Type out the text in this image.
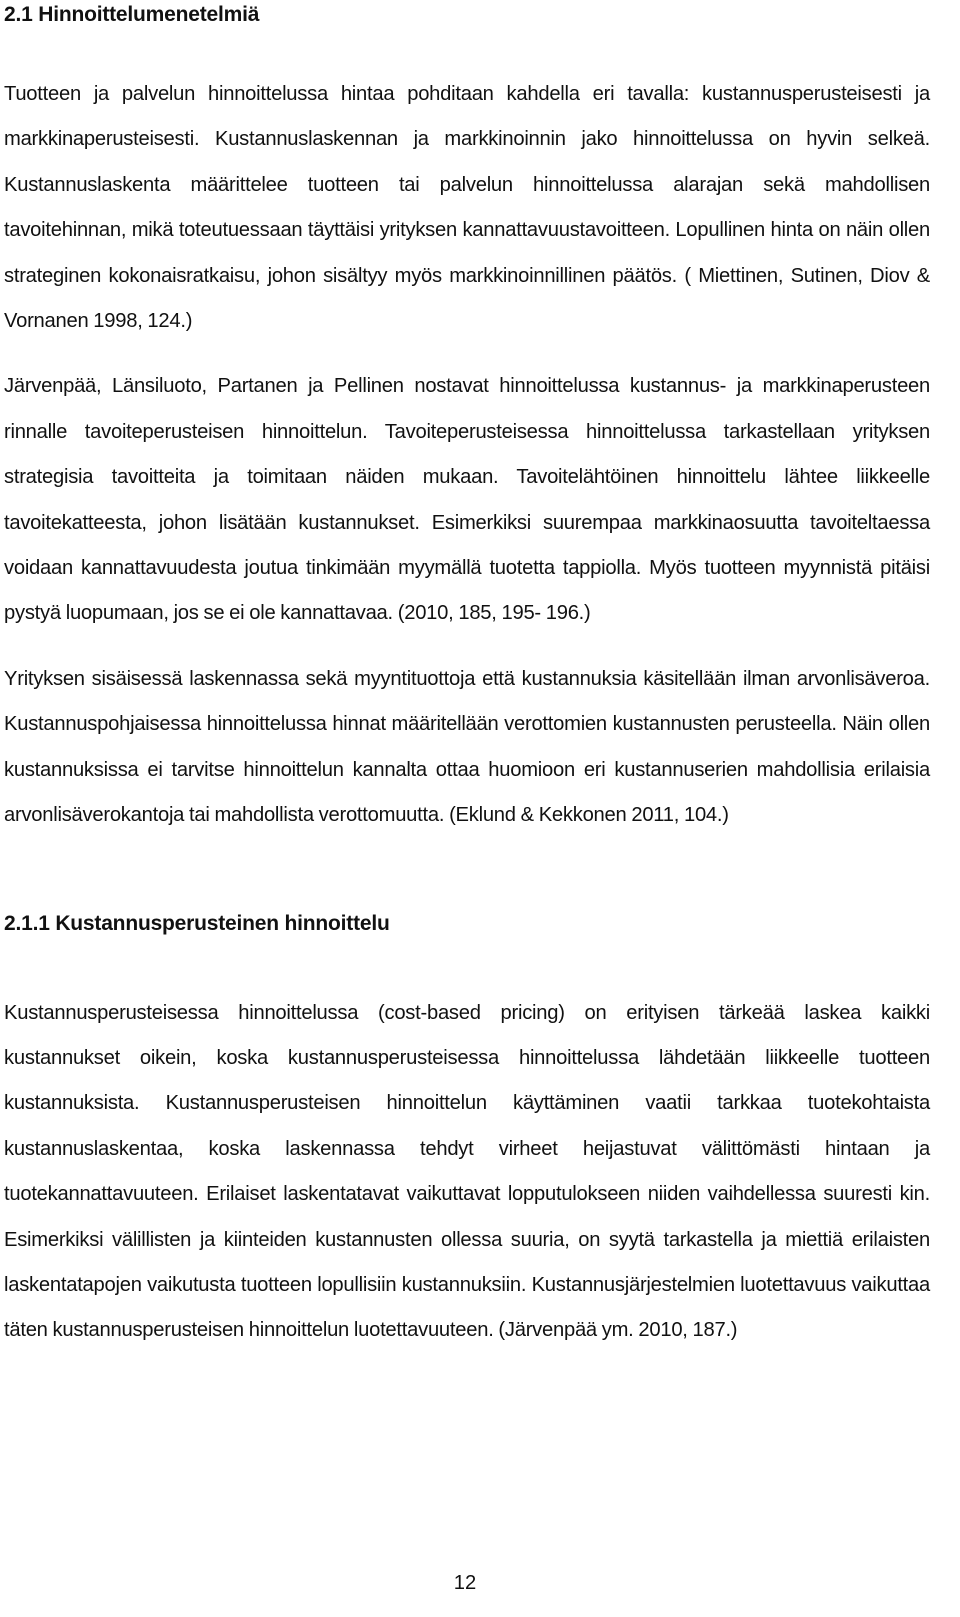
2.1 Hinnoittelumenetelmiä

Tuotteen ja palvelun hinnoittelussa hintaa pohditaan kahdella eri tavalla: kustannusperusteisesti ja markkinaperusteisesti. Kustannuslaskennan ja markkinoinnin jako hinnoittelussa on hyvin selkeä. Kustannuslaskenta määrittelee tuotteen tai palvelun hinnoittelussa alarajan sekä mahdollisen tavoitehinnan, mikä toteutuessaan täyttäisi yrityksen kannattavuustavoitteen. Lopullinen hinta on näin ollen strateginen kokonaisratkaisu, johon sisältyy myös markkinoinnillinen päätös. ( Miettinen, Sutinen, Diov & Vornanen 1998, 124.)

Järvenpää, Länsiluoto, Partanen ja Pellinen nostavat hinnoittelussa kustannus- ja markkinaperusteen rinnalle tavoiteperusteisen hinnoittelun. Tavoiteperusteisessa hinnoittelussa tarkastellaan yrityksen strategisia tavoitteita ja toimitaan näiden mukaan. Tavoitelähtöinen hinnoittelu lähtee liikkeelle tavoitekatteesta, johon lisätään kustannukset. Esimerkiksi suurempaa markkinaosuutta tavoiteltaessa voidaan kannattavuudesta joutua tinkimään myymällä tuotetta tappiolla. Myös tuotteen myynnistä pitäisi pystyä luopumaan, jos se ei ole kannattavaa. (2010, 185, 195- 196.)

Yrityksen sisäisessä laskennassa sekä myyntituottoja että kustannuksia käsitellään ilman arvonlisäveroa. Kustannuspohjaisessa hinnoittelussa hinnat määritellään verottomien kustannusten perusteella. Näin ollen kustannuksissa ei tarvitse hinnoittelun kannalta ottaa huomioon eri kustannuserien mahdollisia erilaisia arvonlisäverokantoja tai mahdollista verottomuutta. (Eklund & Kekkonen 2011, 104.)

2.1.1 Kustannusperusteinen hinnoittelu

Kustannusperusteisessa hinnoittelussa (cost-based pricing) on erityisen tärkeää laskea kaikki kustannukset oikein, koska kustannusperusteisessa hinnoittelussa lähdetään liikkeelle tuotteen kustannuksista. Kustannusperusteisen hinnoittelun käyttäminen vaatii tarkkaa tuotekohtaista kustannuslaskentaa, koska laskennassa tehdyt virheet heijastuvat välittömästi hintaan ja tuotekannattavuuteen. Erilaiset laskentatavat vaikuttavat lopputulokseen niiden vaihdellessa suuresti kin. Esimerkiksi välillisten ja kiinteiden kustannusten ollessa suuria, on syytä tarkastella ja miettiä erilaisten laskentatapojen vaikutusta tuotteen lopullisiin kustannuksiin. Kustannusjärjestelmien luotettavuus vaikuttaa täten kustannusperusteisen hinnoittelun luotettavuuteen. (Järvenpää ym. 2010, 187.)

12
